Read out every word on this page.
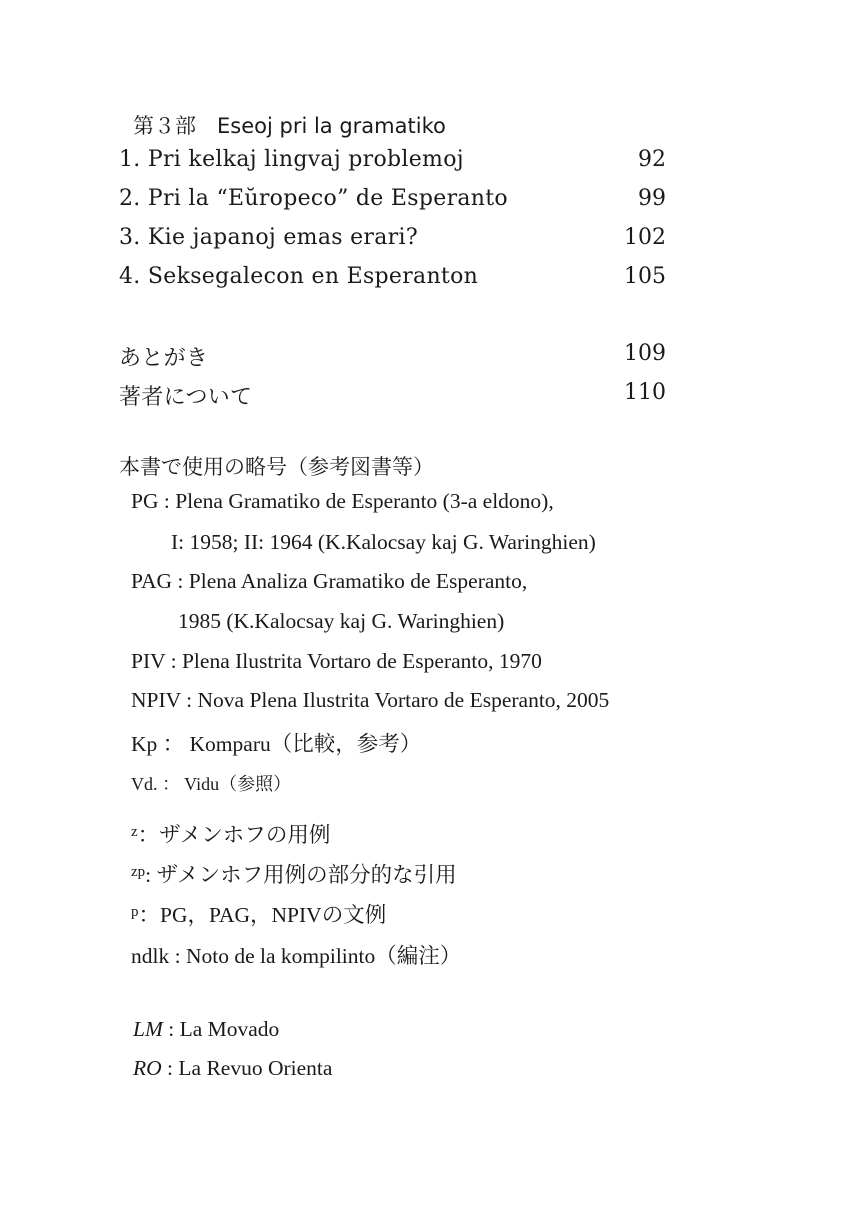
第３部　Eseoj pri la gramatiko
1. Pri kelkaj lingvaj problemoj	92
2. Pri la “Eŭropeco” de Esperanto	99
3. Kie japanoj emas erari?	102
4. Seksegalecon en Esperanton	105
あとがき	109
著者について	110
本書で使用の略号（参考図書等）
PG : Plena Gramatiko de Esperanto (3-a eldono),
I: 1958; II: 1964 (K.Kalocsay kaj G. Waringhien)
PAG : Plena Analiza Gramatiko de Esperanto,
1985 (K.Kalocsay kaj G. Waringhien)
PIV : Plena Ilustrita Vortaro de Esperanto, 1970
NPIV : Nova Plena Ilustrita Vortaro de Esperanto, 2005
Kp ： Komparu（比較，参考）
Vd. ： Vidu（参照）
$^z$：ザメンホフの用例
$^{zp}$: ザメンホフ用例の部分的な引用
$^p$：PG，PAG，NPIVの文例
ndlk : Noto de la kompilinto（編注）
LM : La Movado
RO : La Revuo Orienta
